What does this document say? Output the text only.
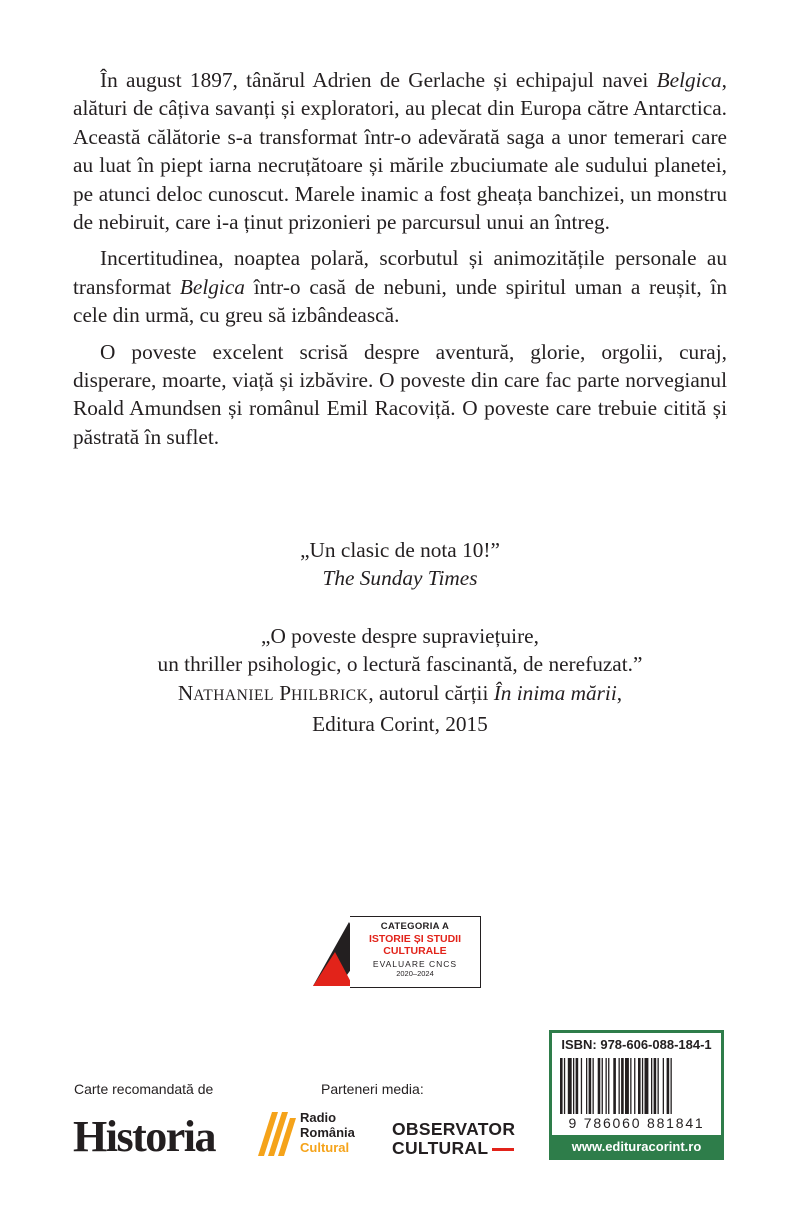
În august 1897, tânărul Adrien de Gerlache și echipajul navei Belgica, alături de câțiva savanți și exploratori, au plecat din Europa către Antarctica. Această călătorie s-a transformat într-o adevărată saga a unor temerari care au luat în piept iarna necruțătoare și mările zbuciumate ale sudului planetei, pe atunci deloc cunoscut. Marele inamic a fost gheața banchizei, un monstru de nebiruit, care i-a ținut prizonieri pe parcursul unui an întreg.

Incertitudinea, noaptea polară, scorbutul și animozitățile personale au transformat Belgica într-o casă de nebuni, unde spiritul uman a reușit, în cele din urmă, cu greu să izbândească.

O poveste excelent scrisă despre aventură, glorie, orgolii, curaj, disperare, moarte, viață și izbăvire. O poveste din care fac parte norvegianul Roald Amundsen și românul Emil Racoviță. O poveste care trebuie citită și păstrată în suflet.

„Un clasic de nota 10!”
The Sunday Times
„O poveste despre supraviețuire,
un thriller psihologic, o lectură fascinantă, de nerefuzat.”
NATHANIEL PHILBRICK, autorul cărții În inima mării,
Editura Corint, 2015
CATEGORIA A
ISTORIE ȘI STUDII
CULTURALE
EVALUARE CNCS
2020–2024
Carte recomandată de
Historia
Parteneri media:
Radio
România
Cultural
OBSERVATOR
CULTURAL
ISBN: 978-606-088-184-1
9 786060 881841
www.edituracorint.ro
